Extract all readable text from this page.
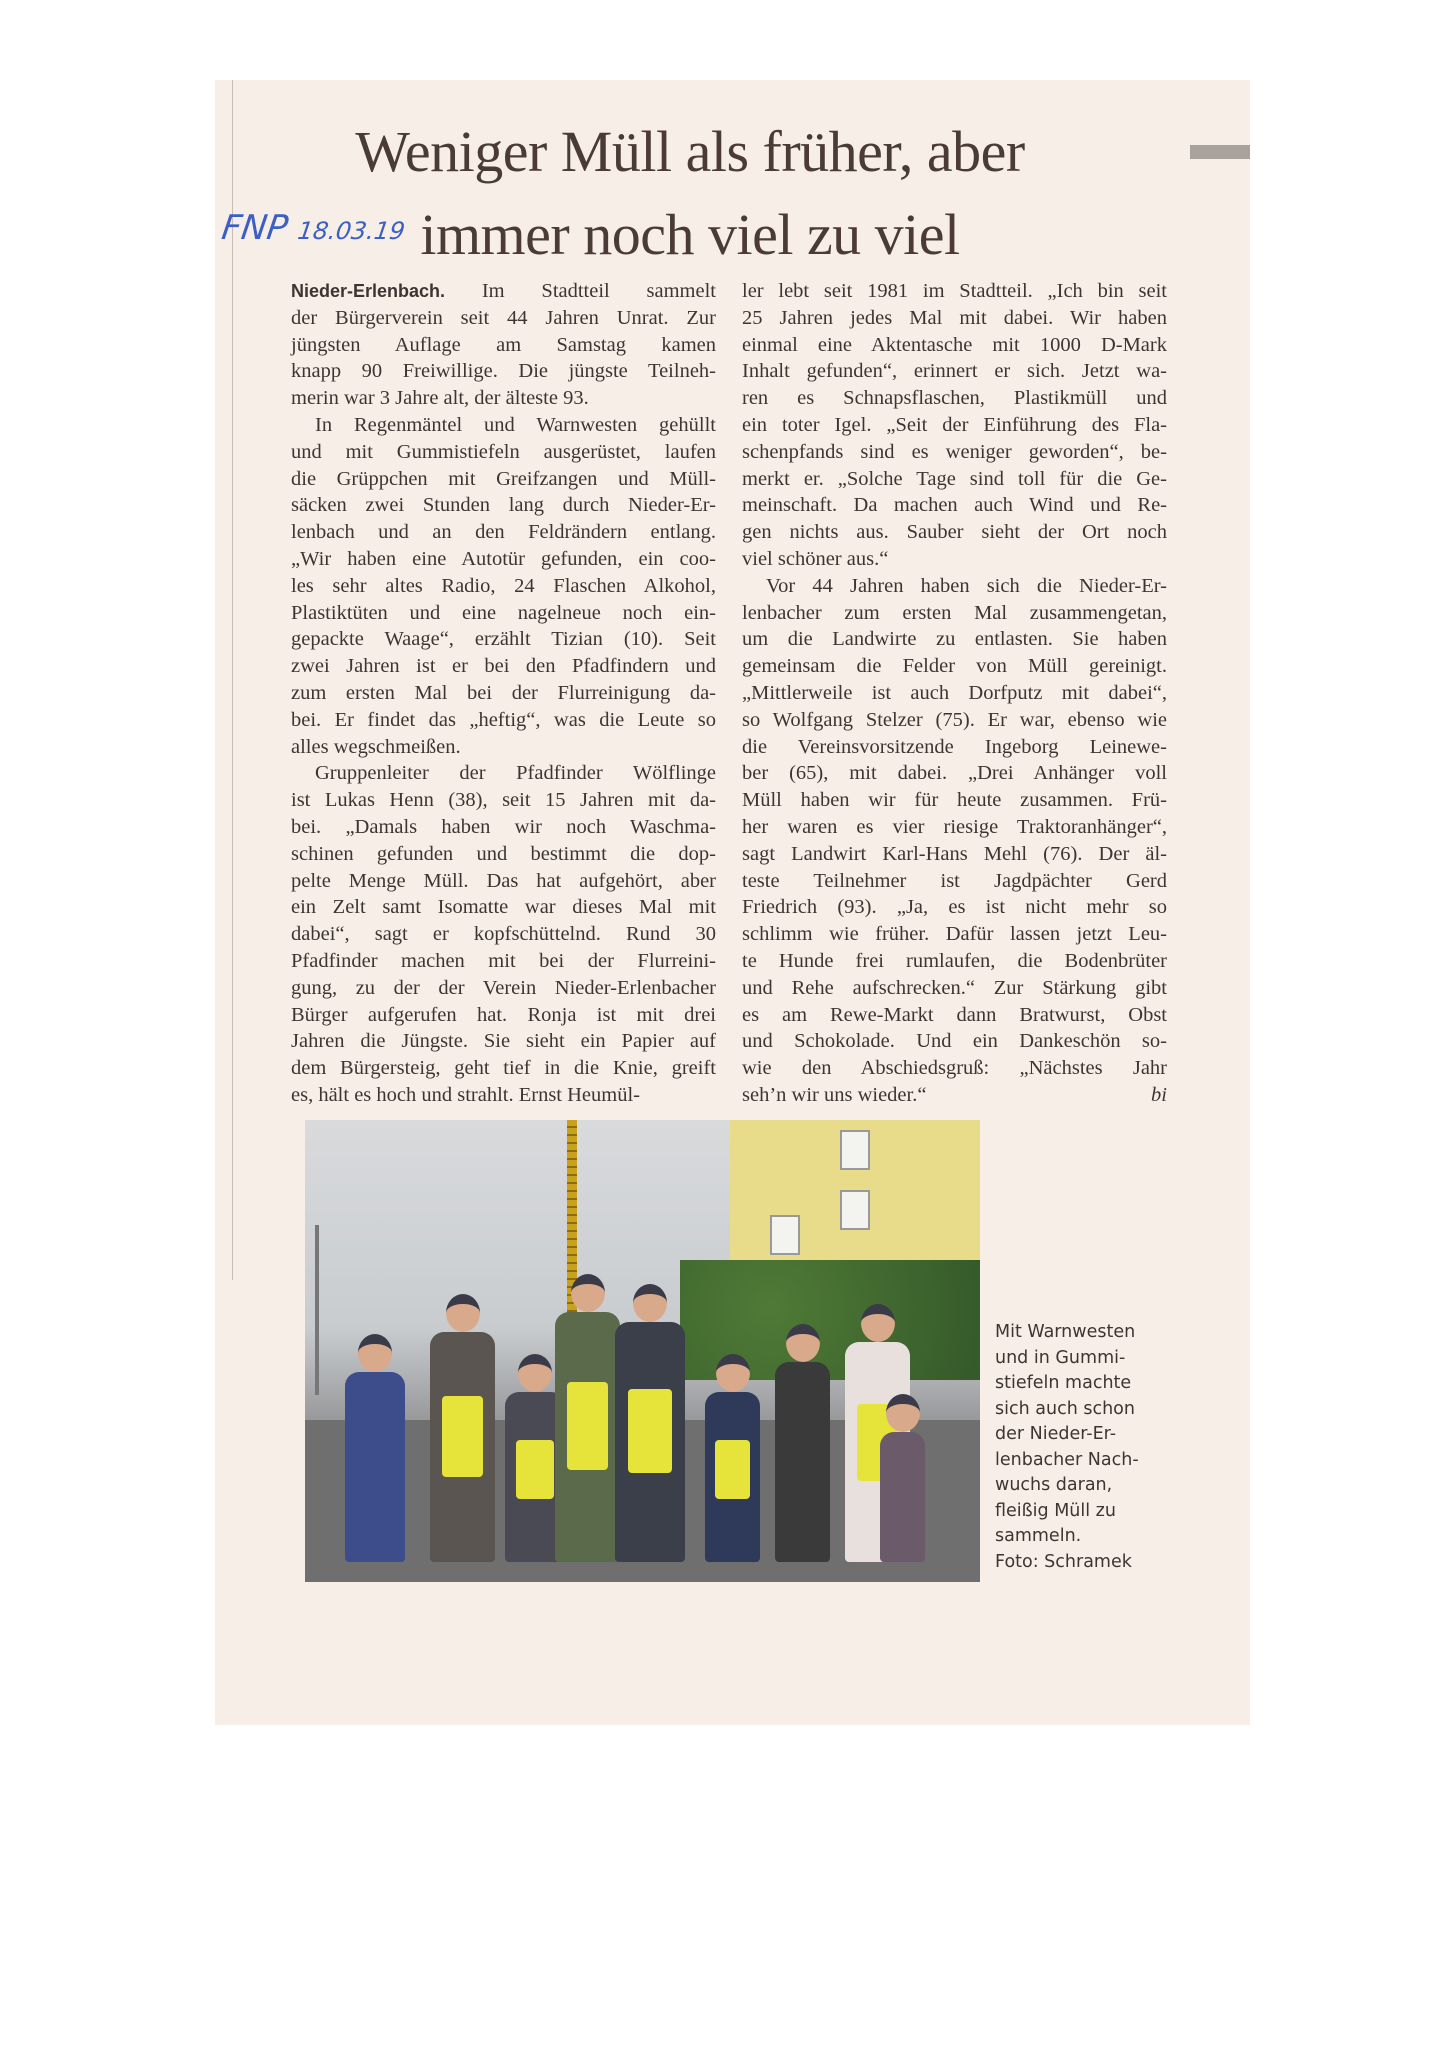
Weniger Müll als früher, aber
immer noch viel zu viel
FNP 18.03.19
Nieder-Erlenbach. Im Stadtteil sammelt
der Bürgerverein seit 44 Jahren Unrat. Zur
jüngsten Auflage am Samstag kamen
knapp 90 Freiwillige. Die jüngste Teilneh-
merin war 3 Jahre alt, der älteste 93.
In Regenmäntel und Warnwesten gehüllt
und mit Gummistiefeln ausgerüstet, laufen
die Grüppchen mit Greifzangen und Müll-
säcken zwei Stunden lang durch Nieder-Er-
lenbach und an den Feldrändern entlang.
„Wir haben eine Autotür gefunden, ein coo-
les sehr altes Radio, 24 Flaschen Alkohol,
Plastiktüten und eine nagelneue noch ein-
gepackte Waage“, erzählt Tizian (10). Seit
zwei Jahren ist er bei den Pfadfindern und
zum ersten Mal bei der Flurreinigung da-
bei. Er findet das „heftig“, was die Leute so
alles wegschmeißen.
Gruppenleiter der Pfadfinder Wölflinge
ist Lukas Henn (38), seit 15 Jahren mit da-
bei. „Damals haben wir noch Waschma-
schinen gefunden und bestimmt die dop-
pelte Menge Müll. Das hat aufgehört, aber
ein Zelt samt Isomatte war dieses Mal mit
dabei“, sagt er kopfschüttelnd. Rund 30
Pfadfinder machen mit bei der Flurreini-
gung, zu der der Verein Nieder-Erlenbacher
Bürger aufgerufen hat. Ronja ist mit drei
Jahren die Jüngste. Sie sieht ein Papier auf
dem Bürgersteig, geht tief in die Knie, greift
es, hält es hoch und strahlt. Ernst Heumül-
ler lebt seit 1981 im Stadtteil. „Ich bin seit
25 Jahren jedes Mal mit dabei. Wir haben
einmal eine Aktentasche mit 1000 D-Mark
Inhalt gefunden“, erinnert er sich. Jetzt wa-
ren es Schnapsflaschen, Plastikmüll und
ein toter Igel. „Seit der Einführung des Fla-
schenpfands sind es weniger geworden“, be-
merkt er. „Solche Tage sind toll für die Ge-
meinschaft. Da machen auch Wind und Re-
gen nichts aus. Sauber sieht der Ort noch
viel schöner aus.“
Vor 44 Jahren haben sich die Nieder-Er-
lenbacher zum ersten Mal zusammengetan,
um die Landwirte zu entlasten. Sie haben
gemeinsam die Felder von Müll gereinigt.
„Mittlerweile ist auch Dorfputz mit dabei“,
so Wolfgang Stelzer (75). Er war, ebenso wie
die Vereinsvorsitzende Ingeborg Leinewe-
ber (65), mit dabei. „Drei Anhänger voll
Müll haben wir für heute zusammen. Frü-
her waren es vier riesige Traktoranhänger“,
sagt Landwirt Karl-Hans Mehl (76). Der äl-
teste Teilnehmer ist Jagdpächter Gerd
Friedrich (93). „Ja, es ist nicht mehr so
schlimm wie früher. Dafür lassen jetzt Leu-
te Hunde frei rumlaufen, die Bodenbrüter
und Rehe aufschrecken.“ Zur Stärkung gibt
es am Rewe-Markt dann Bratwurst, Obst
und Schokolade. Und ein Dankeschön so-
wie den Abschiedsgruß: „Nächstes Jahr
seh’n wir uns wieder.“	bi
Mit Warnwesten
und in Gummi-
stiefeln machte
sich auch schon
der Nieder-Er-
lenbacher Nach-
wuchs daran,
fleißig Müll zu
sammeln.
Foto: Schramek
